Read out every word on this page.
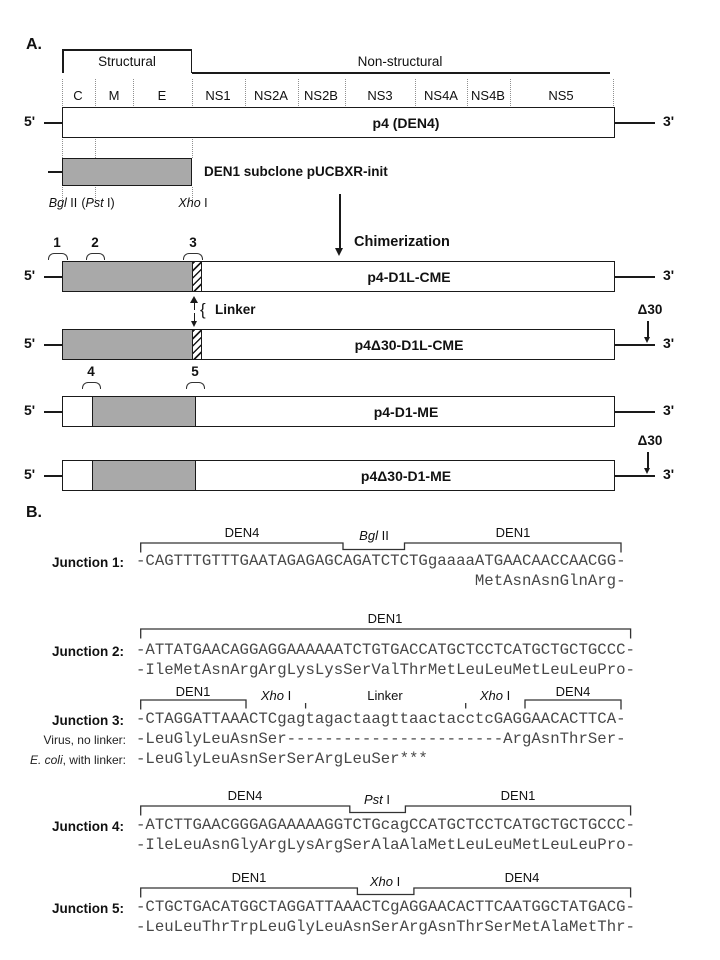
A.
Structural	Non-structural
C M	E	NS1 NS2A NS2B NS3 NS4A NS4B	NS5
5'	p4 (DEN4)	3'
DEN1 subclone pUCBXR-init
Bgl II (Pst I)	Xho I
Chimerization
1 2	3
5'	p4-D1L-CME	3'
{ Linker
5'	p4Δ30-D1L-CME	3'
Δ30
4	5
5'	p4-D1-ME	3'
5'	p4Δ30-D1-ME	3'
Δ30
B.
DEN4	Bgl II	DEN1
Junction 1: -CAGTTTGTTTGAATAGAGAGCAGATCTCTGgaaaaATGAACAACCAACGG-
MetAsnAsnGlnArg-
DEN1
Junction 2: -ATTATGAACAGGAGGAAAAAATCTGTGACCATGCTCCTCATGCTGCTGCCC-
-IleMetAsnArgArgLysLysSerValThrMetLeuLeuMetLeuLeuPro-
DEN1	Xho I	Linker	Xho I	DEN4
Junction 3: -CTAGGATTAAACTCgagtagactaagttaactacctcGAGGAACACTTCA-
Virus, no linker: -LeuGlyLeuAsnSer-----------------------ArgAsnThrSer-
E. coli, with linker: -LeuGlyLeuAsnSerSerArgLeuSer***
DEN4	Pst I	DEN1
Junction 4: -ATCTTGAACGGGAGAAAAAGGTCTGcagCCATGCTCCTCATGCTGCTGCCC-
-IleLeuAsnGlyArgLysArgSerAlaAlaMetLeuLeuMetLeuLeuPro-
DEN1	Xho I	DEN4
Junction 5: -CTGCTGACATGGCTAGGATTAAACTCgAGGAACACTTCAATGGCTATGACG-
-LeuLeuThrTrpLeuGlyLeuAsnSerArgAsnThrSerMetAlaMetThr-
